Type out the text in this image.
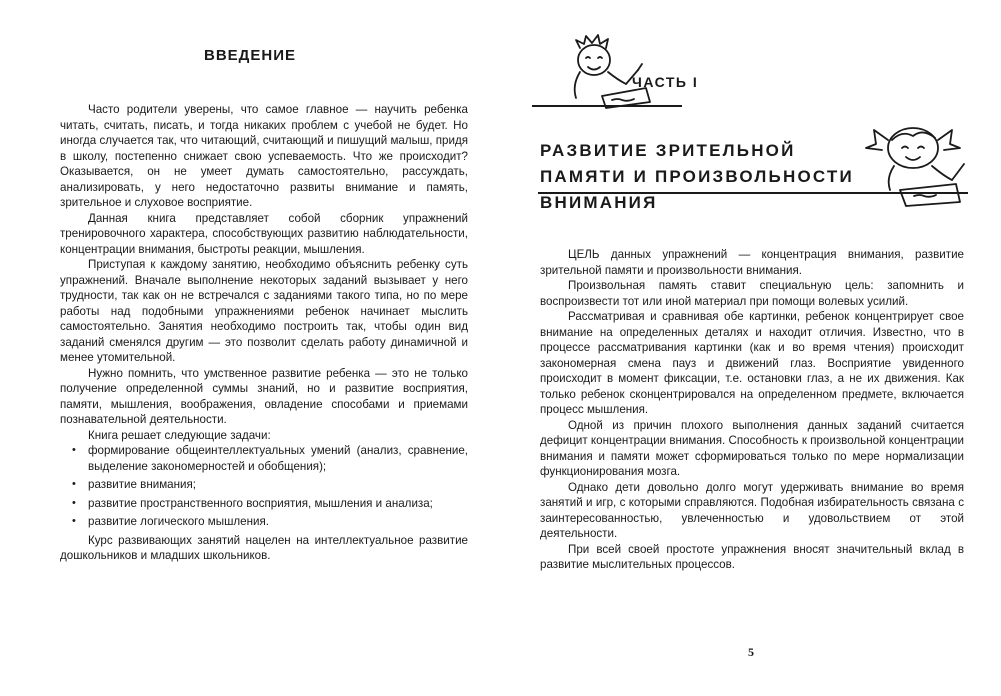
ВВЕДЕНИЕ

Часто родители уверены, что самое главное — научить ребенка читать, считать, писать, и тогда никаких проблем с учебой не будет. Но иногда случается так, что читающий, считающий и пишущий малыш, придя в школу, постепенно снижает свою успеваемость. Что же происходит? Оказывается, он не умеет думать самостоятельно, рассуждать, анализировать, у него недостаточно развиты внимание и память, зрительное и слуховое восприятие.

Данная книга представляет собой сборник упражнений тренировочного характера, способствующих развитию наблюдательности, концентрации внимания, быстроты реакции, мышления.

Приступая к каждому занятию, необходимо объяснить ребенку суть упражнений. Вначале выполнение некоторых заданий вызывает у него трудности, так как он не встречался с заданиями такого типа, но по мере работы над подобными упражнениями ребенок начинает мыслить самостоятельно. Занятия необходимо построить так, чтобы один вид заданий сменялся другим — это позволит сделать работу динамичной и менее утомительной.

Нужно помнить, что умственное развитие ребенка — это не только получение определенной суммы знаний, но и развитие восприятия, памяти, мышления, воображения, овладение способами и приемами познавательной деятельности.

Книга решает следующие задачи:

• формирование общеинтеллектуальных умений (анализ, сравнение, выделение закономерностей и обобщения);
• развитие внимания;
• развитие пространственного восприятия, мышления и анализа;
• развитие логического мышления.

Курс развивающих занятий нацелен на интеллектуальное развитие дошкольников и младших школьников.

ЧАСТЬ I
РАЗВИТИЕ ЗРИТЕЛЬНОЙ ПАМЯТИ И ПРОИЗВОЛЬНОСТИ ВНИМАНИЯ

ЦЕЛЬ данных упражнений — концентрация внимания, развитие зрительной памяти и произвольности внимания.

Произвольная память ставит специальную цель: запомнить и воспроизвести тот или иной материал при помощи волевых усилий.

Рассматривая и сравнивая обе картинки, ребенок концентрирует свое внимание на определенных деталях и находит отличия. Известно, что в процессе рассматривания картинки (как и во время чтения) происходит закономерная смена пауз и движений глаз. Восприятие увиденного происходит в момент фиксации, т.е. остановки глаз, а не их движения. Как только ребенок сконцентрировался на определенном предмете, включается процесс мышления.

Одной из причин плохого выполнения данных заданий считается дефицит концентрации внимания. Способность к произвольной концентрации внимания и памяти может сформироваться только по мере нормализации функционирования мозга.

Однако дети довольно долго могут удерживать внимание во время занятий и игр, с которыми справляются. Подобная избирательность связана с заинтересованностью, увлеченностью и удовольствием от этой деятельности.

При всей своей простоте упражнения вносят значительный вклад в развитие мыслительных процессов.

5
